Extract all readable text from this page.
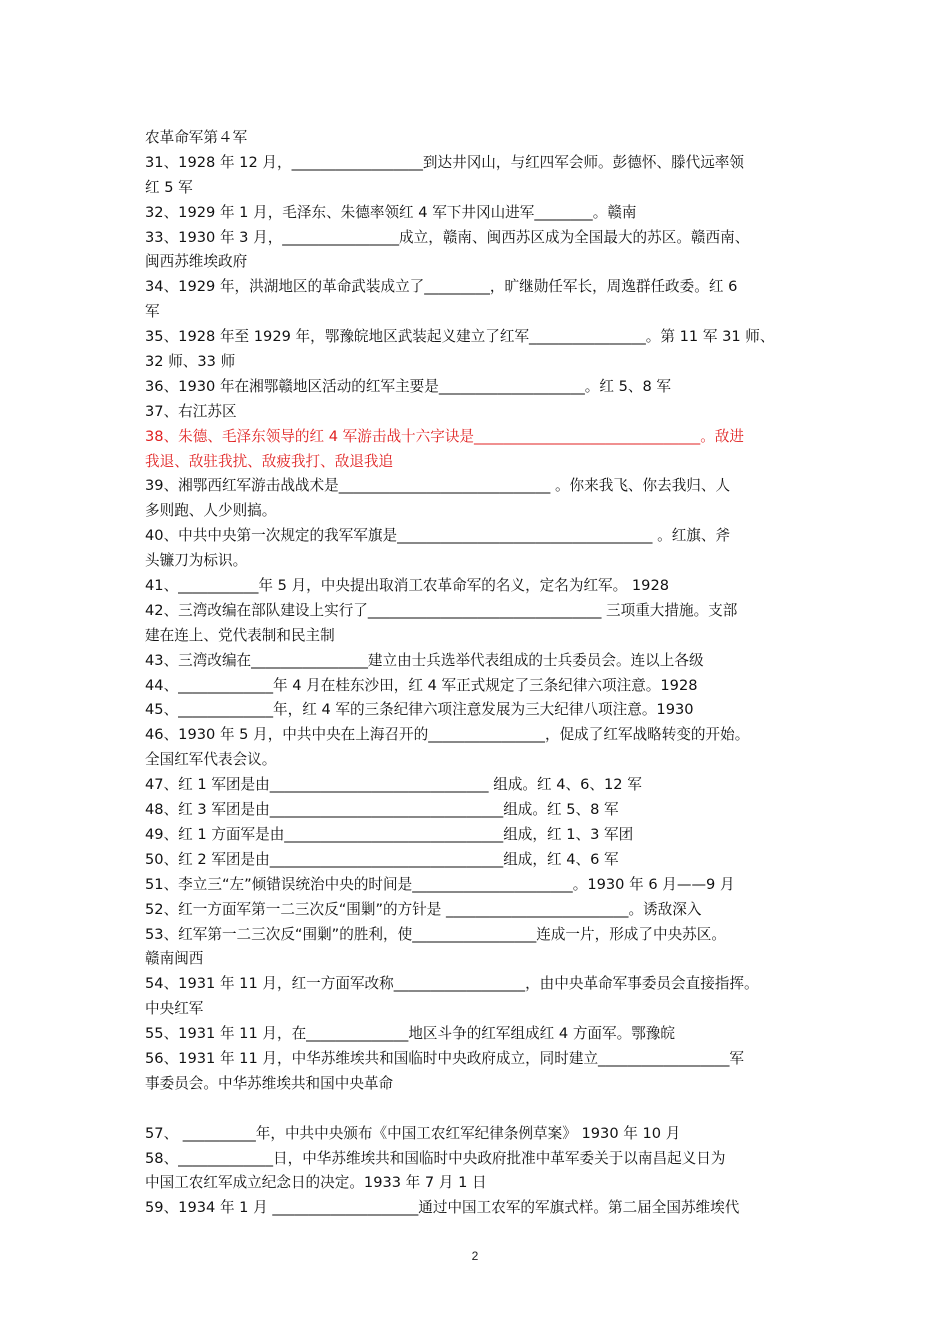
农革命军第４军
31、1928 年 12 月，__________________到达井冈山，与红四军会师。彭德怀、滕代远率领
红 5 军
32、1929 年 1 月，毛泽东、朱德率领红 4 军下井冈山进军________。赣南
33、1930 年 3 月，________________成立，赣南、闽西苏区成为全国最大的苏区。赣西南、
闽西苏维埃政府
34、1929 年，洪湖地区的革命武装成立了_________，旷继勋任军长，周逸群任政委。红 6
军
35、1928 年至 1929 年，鄂豫皖地区武装起义建立了红军________________。第 11 军 31 师、
32 师、33 师
36、1930 年在湘鄂赣地区活动的红军主要是____________________。红 5、8 军
37、右江苏区
38、朱德、毛泽东领导的红 4 军游击战十六字诀是_______________________________。敌进
我退、敌驻我扰、敌疲我打、敌退我追
39、湘鄂西红军游击战战术是_____________________________ 。你来我飞、你去我归、人
多则跑、人少则搞。
40、中共中央第一次规定的我军军旗是___________________________________ 。红旗、斧
头镰刀为标识。
41、___________年 5 月，中央提出取消工农革命军的名义，定名为红军。 1928
42、三湾改编在部队建设上实行了________________________________ 三项重大措施。支部
建在连上、党代表制和民主制
43、三湾改编在________________建立由士兵选举代表组成的士兵委员会。连以上各级
44、_____________年 4 月在桂东沙田，红 4 军正式规定了三条纪律六项注意。1928
45、_____________年，红 4 军的三条纪律六项注意发展为三大纪律八项注意。1930
46、1930 年 5 月，中共中央在上海召开的________________，促成了红军战略转变的开始。
全国红军代表会议。
47、红 1 军团是由______________________________ 组成。红 4、6、12 军
48、红 3 军团是由________________________________组成。红 5、8 军
49、红 1 方面军是由______________________________组成，红 1、3 军团
50、红 2 军团是由________________________________组成，红 4、6 军
51、李立三“左”倾错误统治中央的时间是______________________。1930 年 6 月——9 月
52、红一方面军第一二三次反“围剿”的方针是 _________________________。诱敌深入
53、红军第一二三次反“围剿”的胜利，使_________________连成一片，形成了中央苏区。
赣南闽西
54、1931 年 11 月，红一方面军改称__________________，由中央革命军事委员会直接指挥。
中央红军
55、1931 年 11 月，在______________地区斗争的红军组成红 4 方面军。鄂豫皖
56、1931 年 11 月，中华苏维埃共和国临时中央政府成立，同时建立__________________军
事委员会。中华苏维埃共和国中央革命
57、 __________年，中共中央颁布《中国工农红军纪律条例草案》 1930 年 10 月
58、_____________日，中华苏维埃共和国临时中央政府批准中革军委关于以南昌起义日为
中国工农红军成立纪念日的决定。1933 年 7 月 1 日
59、1934 年 1 月 ____________________通过中国工农军的军旗式样。第二届全国苏维埃代
2
